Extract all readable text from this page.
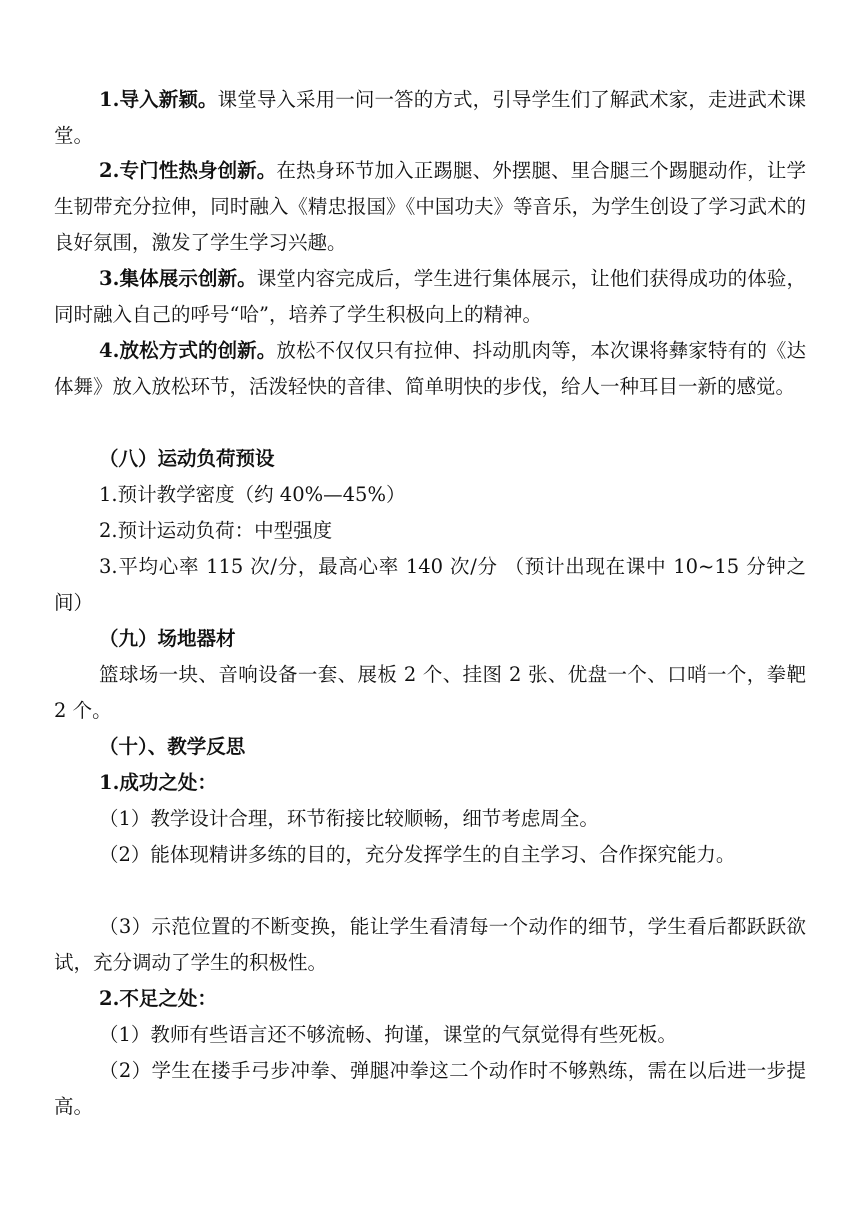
1.导入新颖。课堂导入采用一问一答的方式，引导学生们了解武术家，走进武术课堂。

2.专门性热身创新。在热身环节加入正踢腿、外摆腿、里合腿三个踢腿动作，让学生韧带充分拉伸，同时融入《精忠报国》《中国功夫》等音乐，为学生创设了学习武术的良好氛围，激发了学生学习兴趣。

3.集体展示创新。课堂内容完成后，学生进行集体展示，让他们获得成功的体验，同时融入自己的呼号“哈”，培养了学生积极向上的精神。

4.放松方式的创新。放松不仅仅只有拉伸、抖动肌肉等，本次课将彝家特有的《达体舞》放入放松环节，活泼轻快的音律、简单明快的步伐，给人一种耳目一新的感觉。

（八）运动负荷预设

1.预计教学密度（约 40%—45%）

2.预计运动负荷：中型强度

3.平均心率 115 次/分，最高心率 140 次/分 （预计出现在课中 10~15 分钟之间）

（九）场地器材

篮球场一块、音响设备一套、展板 2 个、挂图 2 张、优盘一个、口哨一个，拳靶 2 个。

（十）、教学反思

1.成功之处：

（1）教学设计合理，环节衔接比较顺畅，细节考虑周全。

（2）能体现精讲多练的目的，充分发挥学生的自主学习、合作探究能力。

（3）示范位置的不断变换，能让学生看清每一个动作的细节，学生看后都跃跃欲试，充分调动了学生的积极性。

2.不足之处：

（1）教师有些语言还不够流畅、拘谨，课堂的气氛觉得有些死板。

（2）学生在搂手弓步冲拳、弹腿冲拳这二个动作时不够熟练，需在以后进一步提高。
